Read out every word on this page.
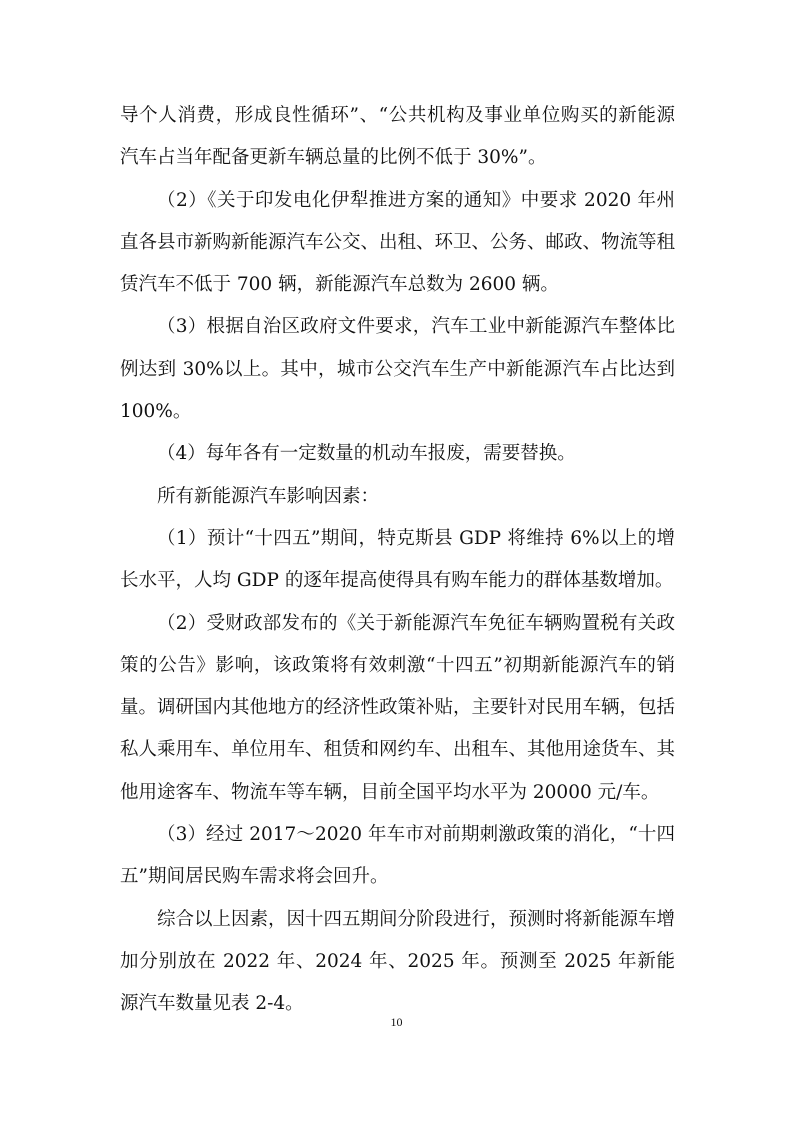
导个人消费，形成良性循环”、“公共机构及事业单位购买的新能源汽车占当年配备更新车辆总量的比例不低于 30%”。

（2）《关于印发电化伊犁推进方案的通知》中要求 2020 年州直各县市新购新能源汽车公交、出租、环卫、公务、邮政、物流等租赁汽车不低于 700 辆，新能源汽车总数为 2600 辆。

（3）根据自治区政府文件要求，汽车工业中新能源汽车整体比例达到 30%以上。其中，城市公交汽车生产中新能源汽车占比达到 100%。

（4）每年各有一定数量的机动车报废，需要替换。

所有新能源汽车影响因素：

（1）预计“十四五”期间，特克斯县 GDP 将维持 6%以上的增长水平，人均 GDP 的逐年提高使得具有购车能力的群体基数增加。

（2）受财政部发布的《关于新能源汽车免征车辆购置税有关政策的公告》影响，该政策将有效刺激“十四五”初期新能源汽车的销量。调研国内其他地方的经济性政策补贴，主要针对民用车辆，包括私人乘用车、单位用车、租赁和网约车、出租车、其他用途货车、其他用途客车、物流车等车辆，目前全国平均水平为 20000 元/车。

（3）经过 2017～2020 年车市对前期刺激政策的消化，“十四五”期间居民购车需求将会回升。

综合以上因素，因十四五期间分阶段进行，预测时将新能源车增加分别放在 2022 年、2024 年、2025 年。预测至 2025 年新能源汽车数量见表 2-4。

10
